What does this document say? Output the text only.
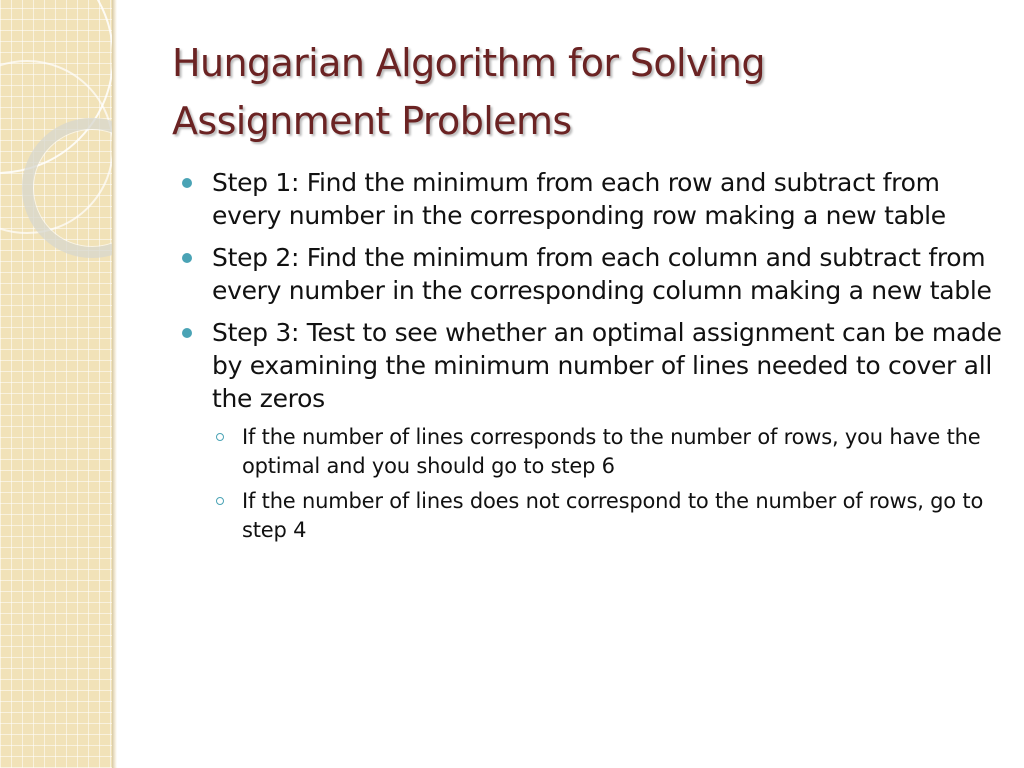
Hungarian Algorithm for Solving Assignment Problems
Step 1: Find the minimum from each row and subtract from every number in the corresponding row making a new table
Step 2: Find the minimum from each column and subtract from every number in the corresponding column making a new table
Step 3: Test to see whether an optimal assignment can be made by examining the minimum number of lines needed to cover all the zeros
If the number of lines corresponds to the number of rows, you have the optimal and you should go to step 6
If the number of lines does not correspond to the number of rows, go to step 4
